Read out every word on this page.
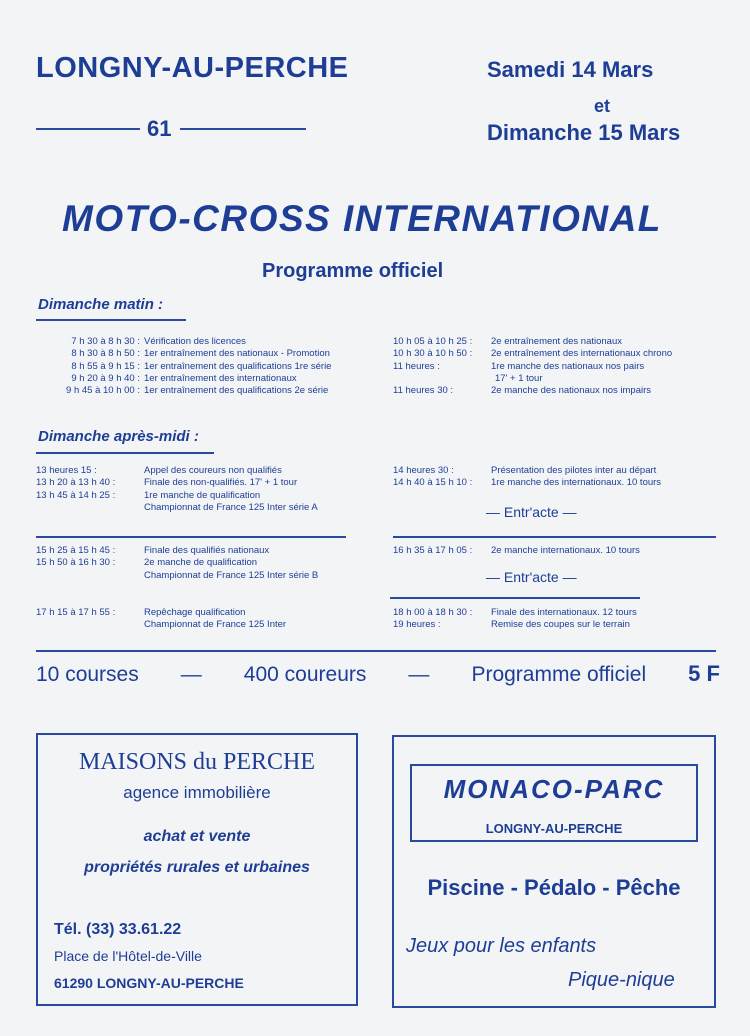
LONGNY-AU-PERCHE
61
Samedi 14 Mars
et
Dimanche 15 Mars
MOTO-CROSS INTERNATIONAL
Programme officiel
Dimanche matin :
7 h 30 à 8 h 30 : Vérification des licences
8 h 30 à 8 h 50 : 1er entraînement des nationaux - Promotion
8 h 55 à 9 h 15 : 1er entraînement des qualifications 1re série
9 h 20 à 9 h 40 : 1er entraînement des internationaux
9 h 45 à 10 h 00 : 1er entraînement des qualifications 2e série
10 h 05 à 10 h 25 :	2e entraînement des nationaux
10 h 30 à 10 h 50 :	2e entraînement des internationaux chrono
11 heures :	1re manche des nationaux nos pairs
17' + 1 tour
11 heures 30 :	2e manche des nationaux nos impairs
Dimanche après-midi :
13 heures 15 :	Appel des coureurs non qualifiés
13 h 20 à 13 h 40 :	Finale des non-qualifiés. 17' + 1 tour
13 h 45 à 14 h 25 :	1re manche de qualification
Championnat de France 125 Inter série A
14 heures 30 :	Présentation des pilotes inter au départ
14 h 40 à 15 h 10 :	1re manche des internationaux. 10 tours
— Entr'acte —
15 h 25 à 15 h 45 :	Finale des qualifiés nationaux
15 h 50 à 16 h 30 :	2e manche de qualification
Championnat de France 125 Inter série B
16 h 35 à 17 h 05 :	2e manche internationaux. 10 tours
— Entr'acte —
17 h 15 à 17 h 55 :	Repêchage qualification
Championnat de France 125 Inter
18 h 00 à 18 h 30 :	Finale des internationaux. 12 tours
19 heures :	Remise des coupes sur le terrain
10 courses — 400 coureurs — Programme officiel 5 F
MAISONS du PERCHE
agence immobilière
achat et vente
propriétés rurales et urbaines
Tél. (33) 33.61.22
Place de l'Hôtel-de-Ville
61290 LONGNY-AU-PERCHE
MONACO-PARC
LONGNY-AU-PERCHE
Piscine - Pédalo - Pêche
Jeux pour les enfants
Pique-nique
